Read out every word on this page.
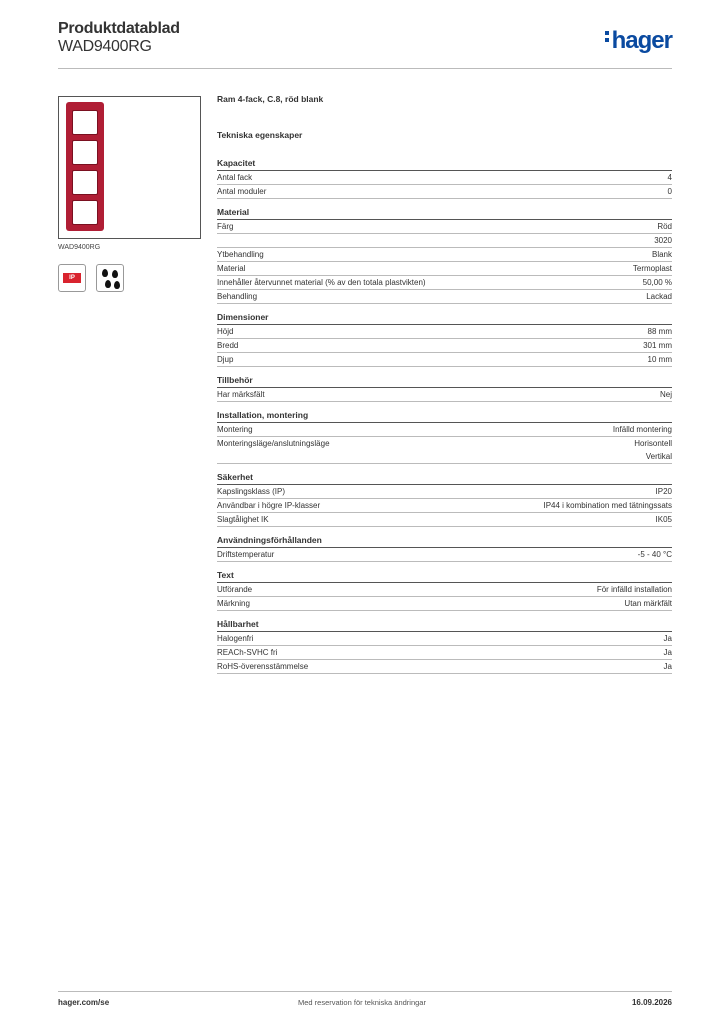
Produktdatablad
WAD9400RG	hager
WAD9400RG
IP
Ram 4-fack, C.8, röd blank
Tekniska egenskaper
Kapacitet
Antal fack	4
Antal moduler	0
Material
Färg	Röd
3020
Ytbehandling	Blank
Material	Termoplast
Innehåller återvunnet material (% av den totala plastvikten)	50,00 %
Behandling	Lackad
Dimensioner
Höjd	88 mm
Bredd	301 mm
Djup	10 mm
Tillbehör
Har märksfält	Nej
Installation, montering
Montering	Infälld montering
Monteringsläge/anslutningsläge	Horisontell
Vertikal
Säkerhet
Kapslingsklass (IP)	IP20
Användbar i högre IP-klasser	IP44 i kombination med tätningssats
Slagtålighet IK	IK05
Användningsförhållanden
Driftstemperatur	-5 - 40 °C
Text
Utförande	För infälld installation
Märkning	Utan märkfält
Hållbarhet
Halogenfri	Ja
REACh-SVHC fri	Ja
RoHS-överensstämmelse	Ja
hager.com/se	Med reservation för tekniska ändringar	16.09.2026
